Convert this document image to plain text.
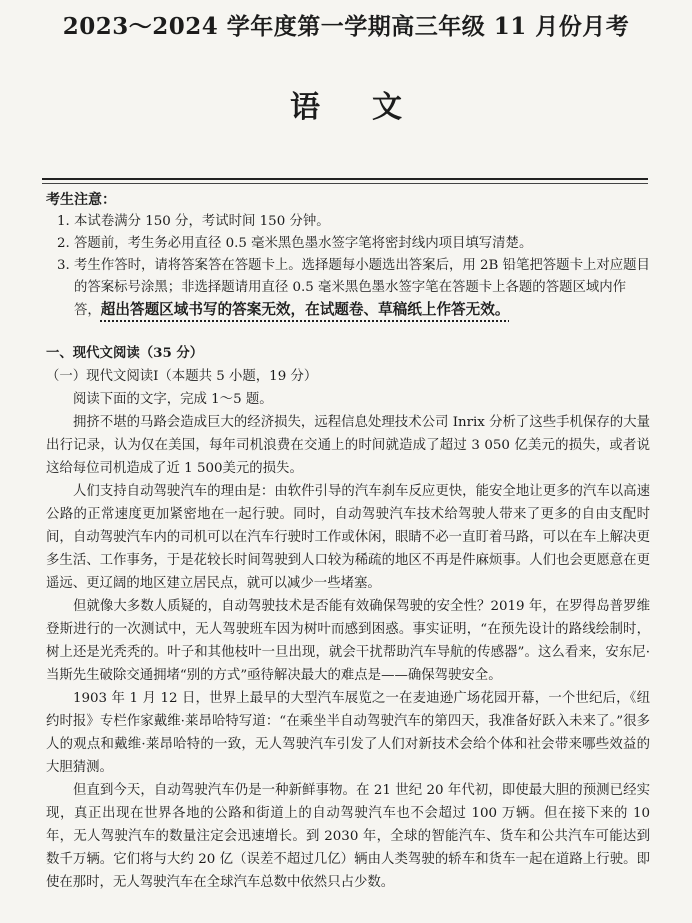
2023～2024 学年度第一学期高三年级 11 月份月考
语文
考生注意：
1. 本试卷满分 150 分，考试时间 150 分钟。
2. 答题前，考生务必用直径 0.5 毫米黑色墨水签字笔将密封线内项目填写清楚。
3. 考生作答时，请将答案答在答题卡上。选择题每小题选出答案后，用 2B 铅笔把答题卡上对应题目的答案标号涂黑；非选择题请用直径 0.5 毫米黑色墨水签字笔在答题卡上各题的答题区域内作答，超出答题区域书写的答案无效，在试题卷、草稿纸上作答无效。

一、现代文阅读（35 分）

（一）现代文阅读Ⅰ（本题共 5 小题，19 分）

阅读下面的文字，完成 1～5 题。

拥挤不堪的马路会造成巨大的经济损失，远程信息处理技术公司 Inrix 分析了这些手机保存的大量出行记录，认为仅在美国，每年司机浪费在交通上的时间就造成了超过 3 050 亿美元的损失，或者说这给每位司机造成了近 1 500美元的损失。

人们支持自动驾驶汽车的理由是：由软件引导的汽车刹车反应更快，能安全地让更多的汽车以高速公路的正常速度更加紧密地在一起行驶。同时，自动驾驶汽车技术给驾驶人带来了更多的自由支配时间，自动驾驶汽车内的司机可以在汽车行驶时工作或休闲，眼睛不必一直盯着马路，可以在车上解决更多生活、工作事务，于是花较长时间驾驶到人口较为稀疏的地区不再是件麻烦事。人们也会更愿意在更遥远、更辽阔的地区建立居民点，就可以减少一些堵塞。

但就像大多数人质疑的，自动驾驶技术是否能有效确保驾驶的安全性？2019 年，在罗得岛普罗维登斯进行的一次测试中，无人驾驶班车因为树叶而感到困惑。事实证明，“在预先设计的路线绘制时，树上还是光秃秃的。叶子和其他枝叶一旦出现，就会干扰帮助汽车导航的传感器”。这么看来，安东尼·当斯先生破除交通拥堵“别的方式”亟待解决最大的难点是——确保驾驶安全。

1903 年 1 月 12 日，世界上最早的大型汽车展览之一在麦迪逊广场花园开幕，一个世纪后，《纽约时报》专栏作家戴维·莱昂哈特写道：“在乘坐半自动驾驶汽车的第四天，我准备好跃入未来了。”很多人的观点和戴维·莱昂哈特的一致，无人驾驶汽车引发了人们对新技术会给个体和社会带来哪些效益的大胆猜测。

但直到今天，自动驾驶汽车仍是一种新鲜事物。在 21 世纪 20 年代初，即使最大胆的预测已经实现，真正出现在世界各地的公路和街道上的自动驾驶汽车也不会超过 100 万辆。但在接下来的 10 年，无人驾驶汽车的数量注定会迅速增长。到 2030 年，全球的智能汽车、货车和公共汽车可能达到数千万辆。它们将与大约 20 亿（误差不超过几亿）辆由人类驾驶的轿车和货车一起在道路上行驶。即使在那时，无人驾驶汽车在全球汽车总数中依然只占少数。
